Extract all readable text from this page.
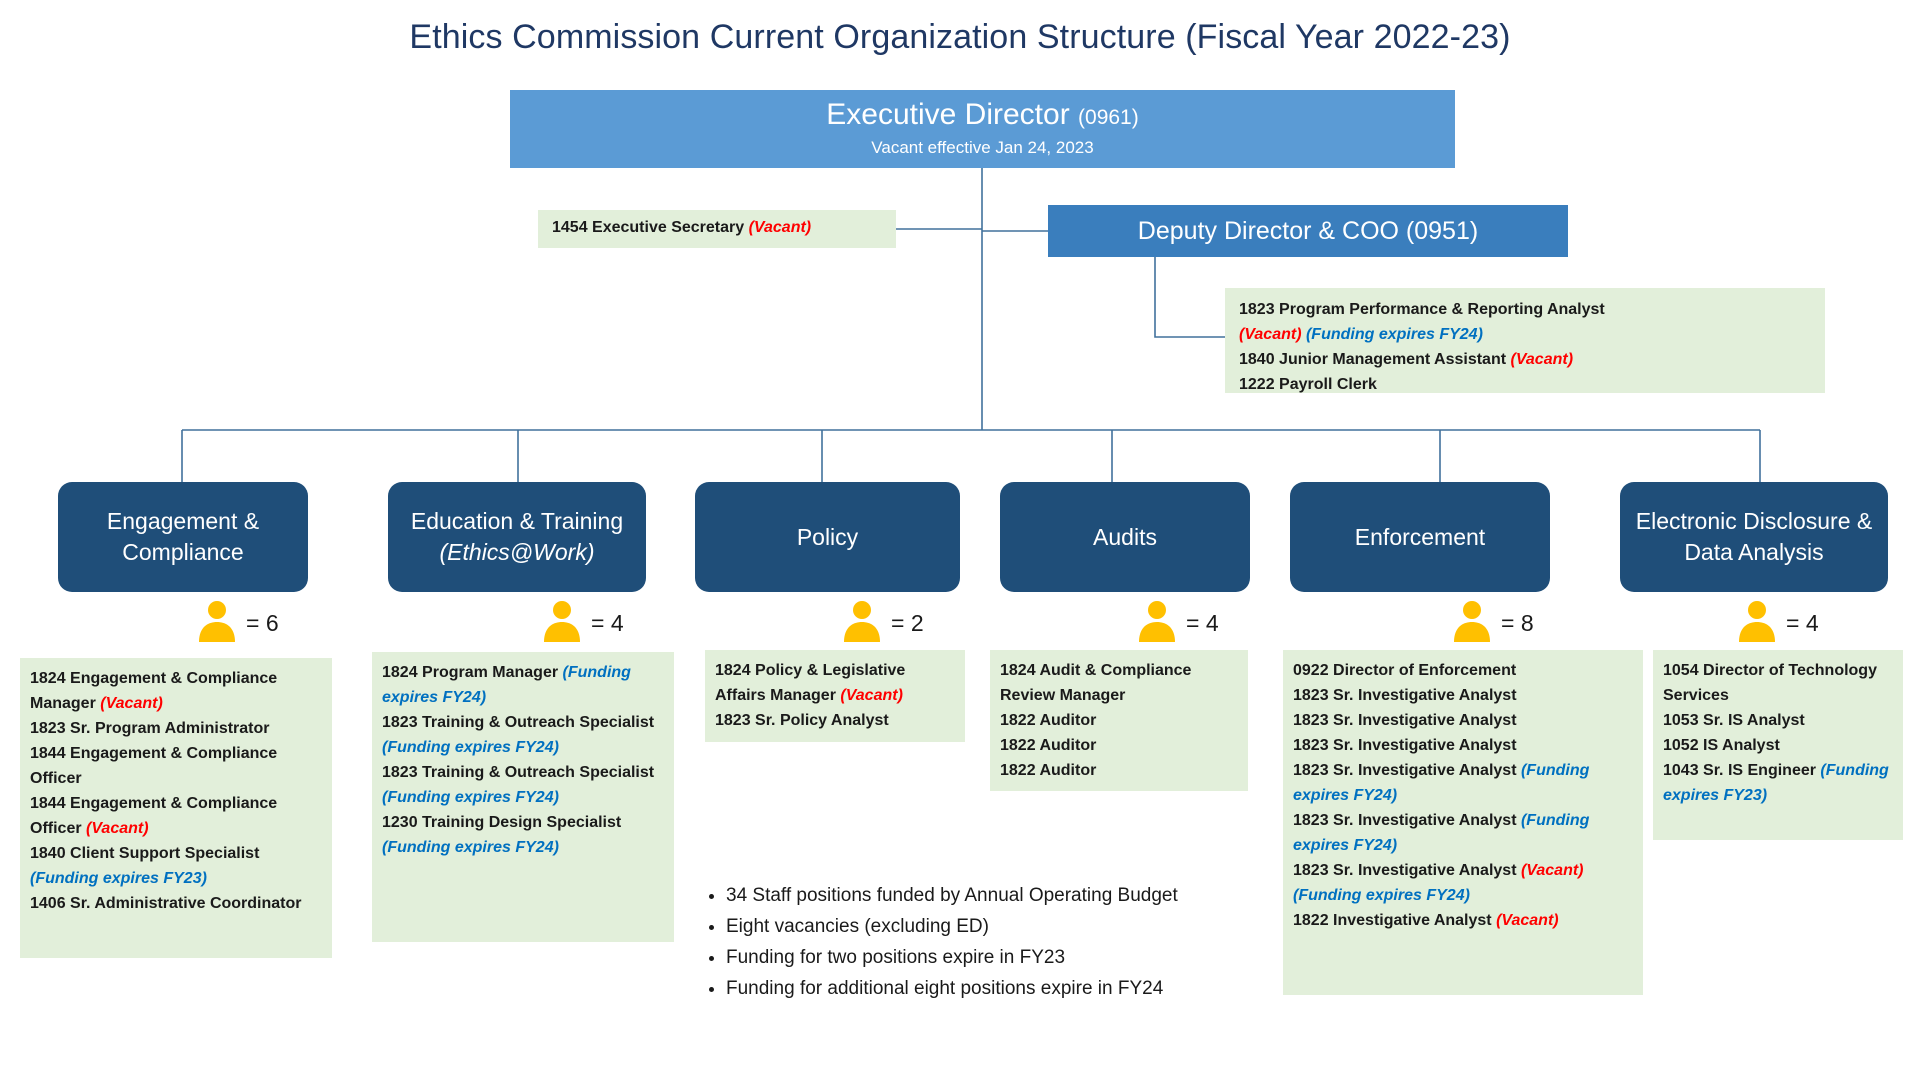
Ethics Commission Current Organization Structure (Fiscal Year 2022-23)
Executive Director (0961)
Vacant effective Jan 24, 2023
1454 Executive Secretary (Vacant)	Deputy Director & COO (0951)
1823 Program Performance & Reporting Analyst
(Vacant) (Funding expires FY24)
1840 Junior Management Assistant (Vacant)
1222 Payroll Clerk
Engagement & Compliance
= 6
1824 Engagement & Compliance Manager (Vacant)
1823 Sr. Program Administrator
1844 Engagement & Compliance Officer
1844 Engagement & Compliance Officer (Vacant)
1840 Client Support Specialist (Funding expires FY23)
1406 Sr. Administrative Coordinator
Education & Training

(Ethics@Work)
= 4
1824 Program Manager (Funding expires FY24)
1823 Training & Outreach Specialist (Funding expires FY24)
1823 Training & Outreach Specialist (Funding expires FY24)
1230 Training Design Specialist (Funding expires FY24)
Policy
= 2
1824 Policy & Legislative Affairs Manager (Vacant)
1823 Sr. Policy Analyst
Audits
= 4
1824 Audit & Compliance Review Manager
1822 Auditor
1822 Auditor
1822 Auditor
Enforcement
= 8
0922 Director of Enforcement
1823 Sr. Investigative Analyst
1823 Sr. Investigative Analyst
1823 Sr. Investigative Analyst
1823 Sr. Investigative Analyst (Funding expires FY24)
1823 Sr. Investigative Analyst (Funding expires FY24)
1823 Sr. Investigative Analyst (Vacant) (Funding expires FY24)
1822 Investigative Analyst (Vacant)
Electronic Disclosure & Data Analysis
= 4
1054 Director of Technology Services
1053 Sr. IS Analyst
1052 IS Analyst
1043 Sr. IS Engineer (Funding expires FY23)
• 34 Staff positions funded by Annual Operating Budget
• Eight vacancies (excluding ED)
• Funding for two positions expire in FY23
• Funding for additional eight positions expire in FY24
